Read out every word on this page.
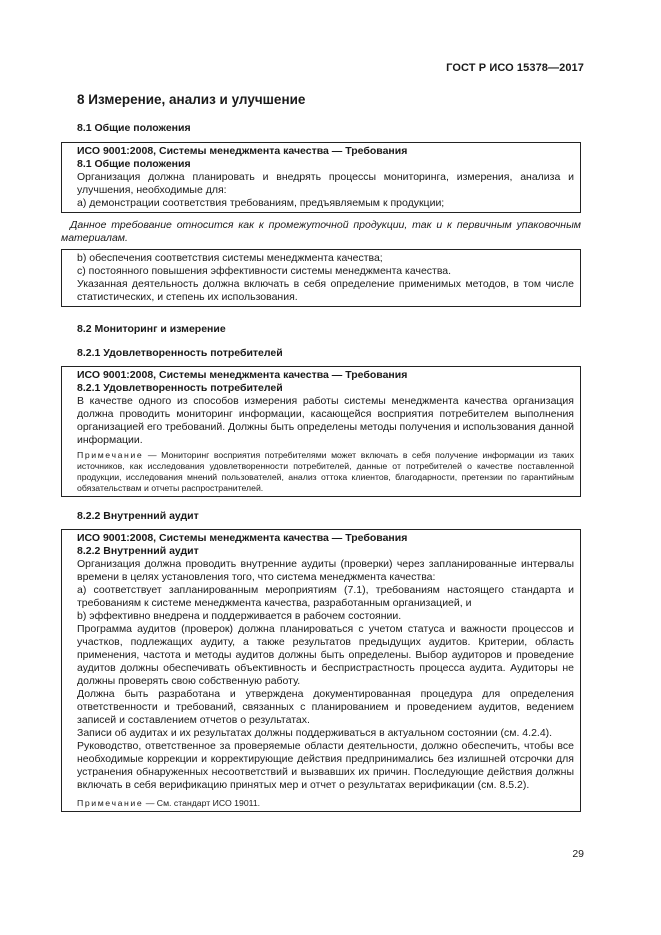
ГОСТ Р ИСО 15378—2017
8 Измерение, анализ и улучшение
8.1 Общие положения
ИСО 9001:2008, Системы менеджмента качества — Требования
8.1 Общие положения
Организация должна планировать и внедрять процессы мониторинга, измерения, анализа и улучшения, необходимые для:
a) демонстрации соответствия требованиям, предъявляемым к продукции;
Данное требование относится как к промежуточной продукции, так и к первичным упаковочным материалам.
b) обеспечения соответствия системы менеджмента качества;
c) постоянного повышения эффективности системы менеджмента качества.
Указанная деятельность должна включать в себя определение применимых методов, в том числе статистических, и степень их использования.
8.2 Мониторинг и измерение
8.2.1 Удовлетворенность потребителей
ИСО 9001:2008, Системы менеджмента качества — Требования
8.2.1 Удовлетворенность потребителей
В качестве одного из способов измерения работы системы менеджмента качества организация должна проводить мониторинг информации, касающейся восприятия потребителем выполнения организацией его требований. Должны быть определены методы получения и использования данной информации.
Примечание — Мониторинг восприятия потребителями может включать в себя получение информации из таких источников, как исследования удовлетворенности потребителей, данные от потребителей о качестве поставленной продукции, исследования мнений пользователей, анализ оттока клиентов, благодарности, претензии по гарантийным обязательствам и отчеты распространителей.
8.2.2 Внутренний аудит
ИСО 9001:2008, Системы менеджмента качества — Требования
8.2.2 Внутренний аудит
Организация должна проводить внутренние аудиты (проверки) через запланированные интервалы времени в целях установления того, что система менеджмента качества:
a) соответствует запланированным мероприятиям (7.1), требованиям настоящего стандарта и требованиям к системе менеджмента качества, разработанным организацией, и
b) эффективно внедрена и поддерживается в рабочем состоянии.
Программа аудитов (проверок) должна планироваться с учетом статуса и важности процессов и участков, подлежащих аудиту, а также результатов предыдущих аудитов. Критерии, область применения, частота и методы аудитов должны быть определены. Выбор аудиторов и проведение аудитов должны обеспечивать объективность и беспристрастность процесса аудита. Аудиторы не должны проверять свою собственную работу.
Должна быть разработана и утверждена документированная процедура для определения ответственности и требований, связанных с планированием и проведением аудитов, ведением записей и составлением отчетов о результатах.
Записи об аудитах и их результатах должны поддерживаться в актуальном состоянии (см. 4.2.4).
Руководство, ответственное за проверяемые области деятельности, должно обеспечить, чтобы все необходимые коррекции и корректирующие действия предпринимались без излишней отсрочки для устранения обнаруженных несоответствий и вызвавших их причин. Последующие действия должны включать в себя верификацию принятых мер и отчет о результатах верификации (см. 8.5.2).
Примечание — См. стандарт ИСО 19011.
29
